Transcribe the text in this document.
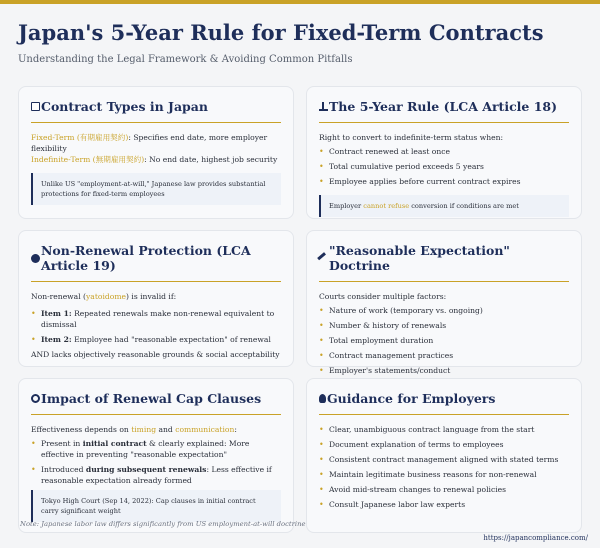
Japan's 5-Year Rule for Fixed-Term Contracts
Understanding the Legal Framework & Avoiding Common Pitfalls
Contract Types in Japan
Fixed-Term (有期雇用契約): Specifies end date, more employer flexibility
Indefinite-Term (無期雇用契約): No end date, highest job security
Unlike US "employment-at-will," Japanese law provides substantial protections for fixed-term employees
The 5-Year Rule (LCA Article 18)
Right to convert to indefinite-term status when:
• Contract renewed at least once
• Total cumulative period exceeds 5 years
• Employee applies before current contract expires
Employer cannot refuse conversion if conditions are met
Non-Renewal Protection (LCA Article 19)
Non-renewal (yatoidome) is invalid if:
• Item 1: Repeated renewals make non-renewal equivalent to dismissal
• Item 2: Employee had "reasonable expectation" of renewal
AND lacks objectively reasonable grounds & social acceptability
"Reasonable Expectation" Doctrine
Courts consider multiple factors:
• Nature of work (temporary vs. ongoing)
• Number & history of renewals
• Total employment duration
• Contract management practices
• Employer's statements/conduct
Impact of Renewal Cap Clauses
Effectiveness depends on timing and communication:
• Present in initial contract & clearly explained: More effective in preventing "reasonable expectation"
• Introduced during subsequent renewals: Less effective if reasonable expectation already formed
Tokyo High Court (Sep 14, 2022): Cap clauses in initial contract carry significant weight
Guidance for Employers
• Clear, unambiguous contract language from the start
• Document explanation of terms to employees
• Consistent contract management aligned with stated terms
• Maintain legitimate business reasons for non-renewal
• Avoid mid-stream changes to renewal policies
• Consult Japanese labor law experts
Note: Japanese labor law differs significantly from US employment-at-will doctrine
https://japancompliance.com/
